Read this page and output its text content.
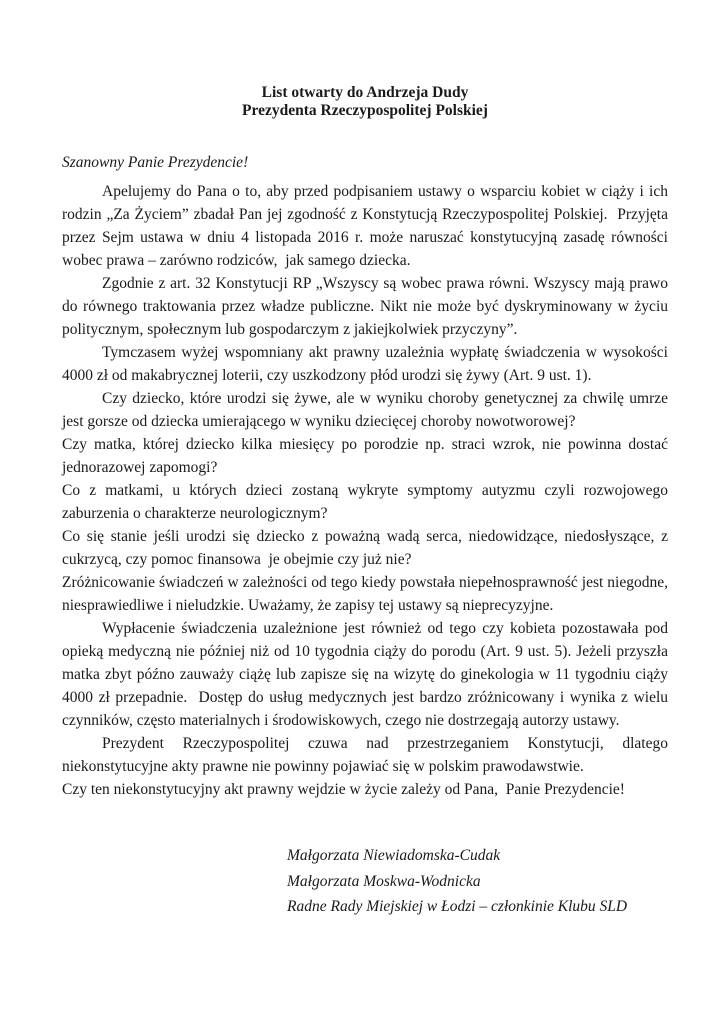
List otwarty do Andrzeja Dudy
Prezydenta Rzeczypospolitej Polskiej

Szanowny Panie Prezydencie!

Apelujemy do Pana o to, aby przed podpisaniem ustawy o wsparciu kobiet w ciąży i ich rodzin „Za Życiem” zbadał Pan jej zgodność z Konstytucją Rzeczypospolitej Polskiej.  Przyjęta przez Sejm ustawa w dniu 4 listopada 2016 r. może naruszać konstytucyjną zasadę równości wobec prawa – zarówno rodziców,  jak samego dziecka.

Zgodnie z art. 32 Konstytucji RP „Wszyscy są wobec prawa równi. Wszyscy mają prawo do równego traktowania przez władze publiczne. Nikt nie może być dyskryminowany w życiu politycznym, społecznym lub gospodarczym z jakiejkolwiek przyczyny”.

Tymczasem wyżej wspomniany akt prawny uzależnia wypłatę świadczenia w wysokości 4000 zł od makabrycznej loterii, czy uszkodzony płód urodzi się żywy (Art. 9 ust. 1).

Czy dziecko, które urodzi się żywe, ale w wyniku choroby genetycznej za chwilę umrze jest gorsze od dziecka umierającego w wyniku dziecięcej choroby nowotworowej?

Czy matka, której dziecko kilka miesięcy po porodzie np. straci wzrok, nie powinna dostać jednorazowej zapomogi?

Co z matkami, u których dzieci zostaną wykryte symptomy autyzmu czyli rozwojowego zaburzenia o charakterze neurologicznym?

Co się stanie jeśli urodzi się dziecko z poważną wadą serca, niedowidzące, niedosłyszące, z cukrzycą, czy pomoc finansowa  je obejmie czy już nie?

Zróżnicowanie świadczeń w zależności od tego kiedy powstała niepełnosprawność jest niegodne, niesprawiedliwe i nieludzkie. Uważamy, że zapisy tej ustawy są nieprecyzyjne.

Wypłacenie świadczenia uzależnione jest również od tego czy kobieta pozostawała pod opieką medyczną nie później niż od 10 tygodnia ciąży do porodu (Art. 9 ust. 5). Jeżeli przyszła matka zbyt późno zauważy ciążę lub zapisze się na wizytę do ginekologia w 11 tygodniu ciąży 4000 zł przepadnie.  Dostęp do usług medycznych jest bardzo zróżnicowany i wynika z wielu czynników, często materialnych i środowiskowych, czego nie dostrzegają autorzy ustawy.

Prezydent Rzeczypospolitej czuwa nad przestrzeganiem Konstytucji, dlatego niekonstytucyjne akty prawne nie powinny pojawiać się w polskim prawodawstwie.

Czy ten niekonstytucyjny akt prawny wejdzie w życie zależy od Pana,  Panie Prezydencie!

Małgorzata Niewiadomska-Cudak
Małgorzata Moskwa-Wodnicka
Radne Rady Miejskiej w Łodzi – członkinie Klubu SLD
